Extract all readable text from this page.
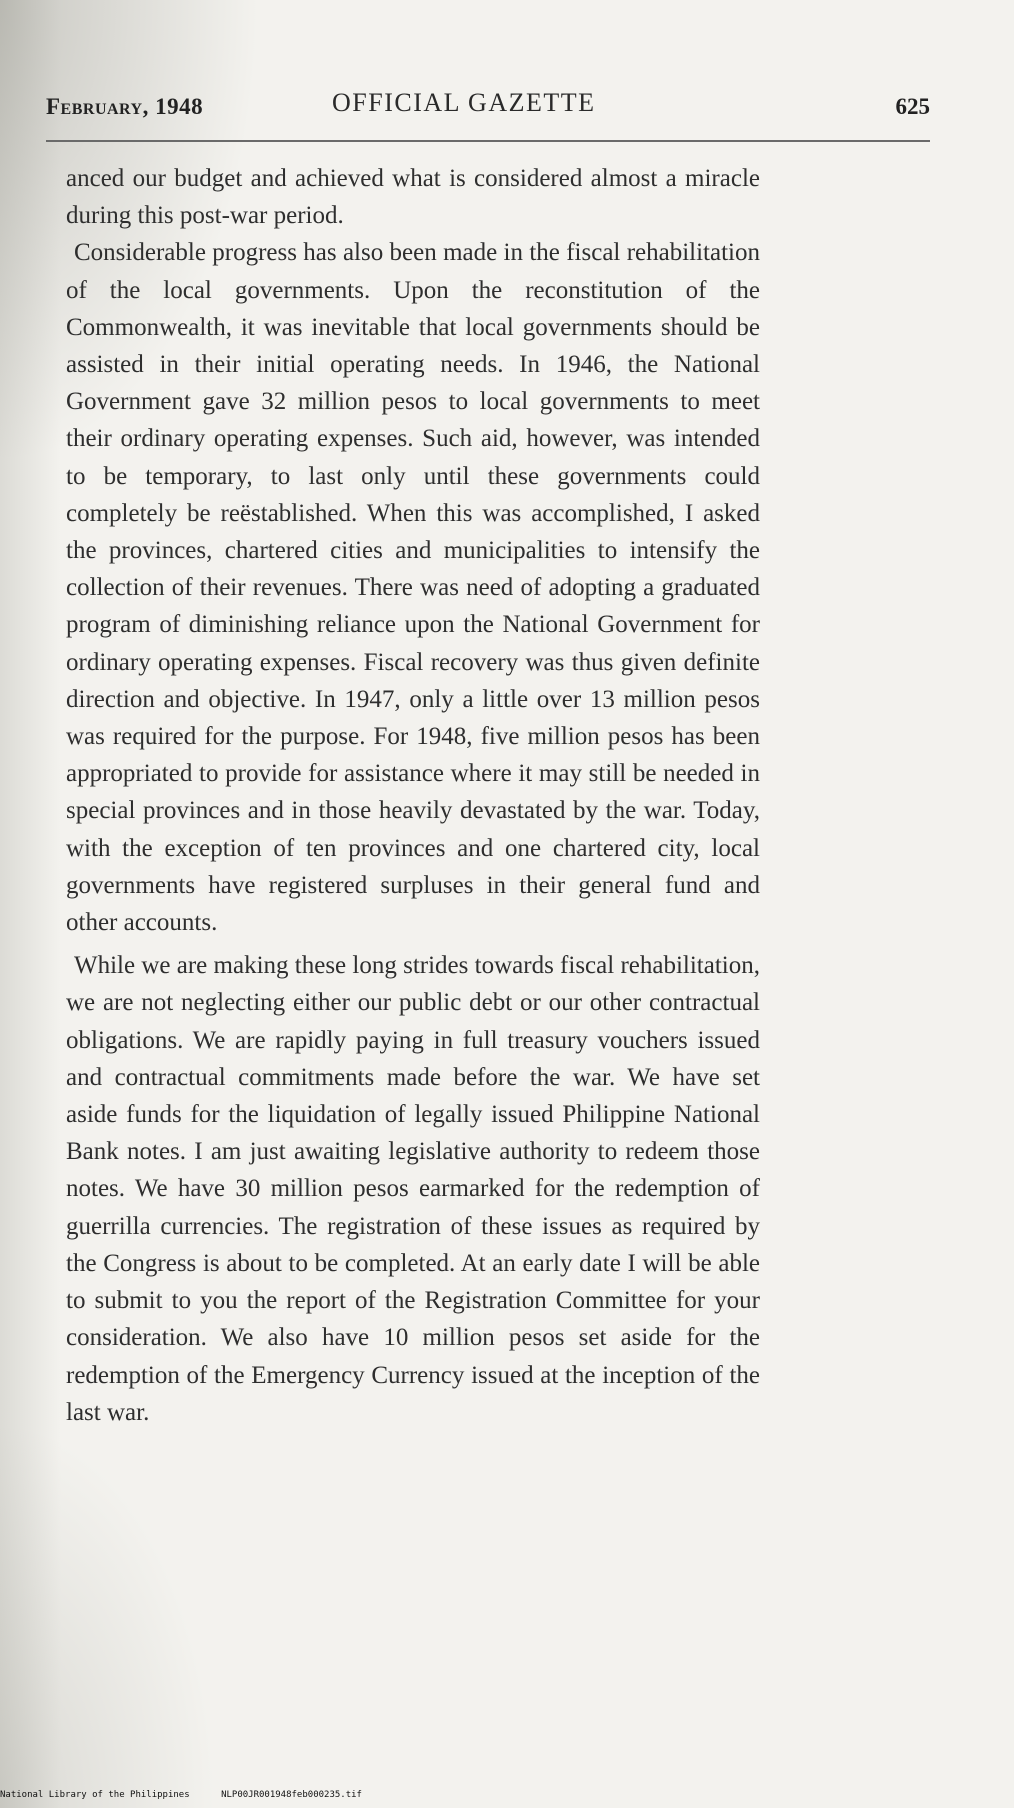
February, 1948	OFFICIAL GAZETTE	625

anced our budget and achieved what is considered almost a miracle during this post-war period.

Considerable progress has also been made in the fiscal rehabilitation of the local governments. Upon the reconstitution of the Commonwealth, it was inevitable that local governments should be assisted in their initial operating needs. In 1946, the National Government gave 32 million pesos to local governments to meet their ordinary operating expenses. Such aid, however, was intended to be temporary, to last only until these governments could completely be reëstablished. When this was accomplished, I asked the provinces, chartered cities and municipalities to intensify the collection of their revenues. There was need of adopting a graduated program of diminishing reliance upon the National Government for ordinary operating expenses. Fiscal recovery was thus given definite direction and objective. In 1947, only a little over 13 million pesos was required for the purpose. For 1948, five million pesos has been appropriated to provide for assistance where it may still be needed in special provinces and in those heavily devastated by the war. Today, with the exception of ten provinces and one chartered city, local governments have registered surpluses in their general fund and other accounts.

While we are making these long strides towards fiscal rehabilitation, we are not neglecting either our public debt or our other contractual obligations. We are rapidly paying in full treasury vouchers issued and contractual commitments made before the war. We have set aside funds for the liquidation of legally issued Philippine National Bank notes. I am just awaiting legislative authority to redeem those notes. We have 30 million pesos earmarked for the redemption of guerrilla currencies. The registration of these issues as required by the Congress is about to be completed. At an early date I will be able to submit to you the report of the Registration Committee for your consideration. We also have 10 million pesos set aside for the redemption of the Emergency Currency issued at the inception of the last war.

National Library of the Philippines	NLP00JR001948feb000235.tif
